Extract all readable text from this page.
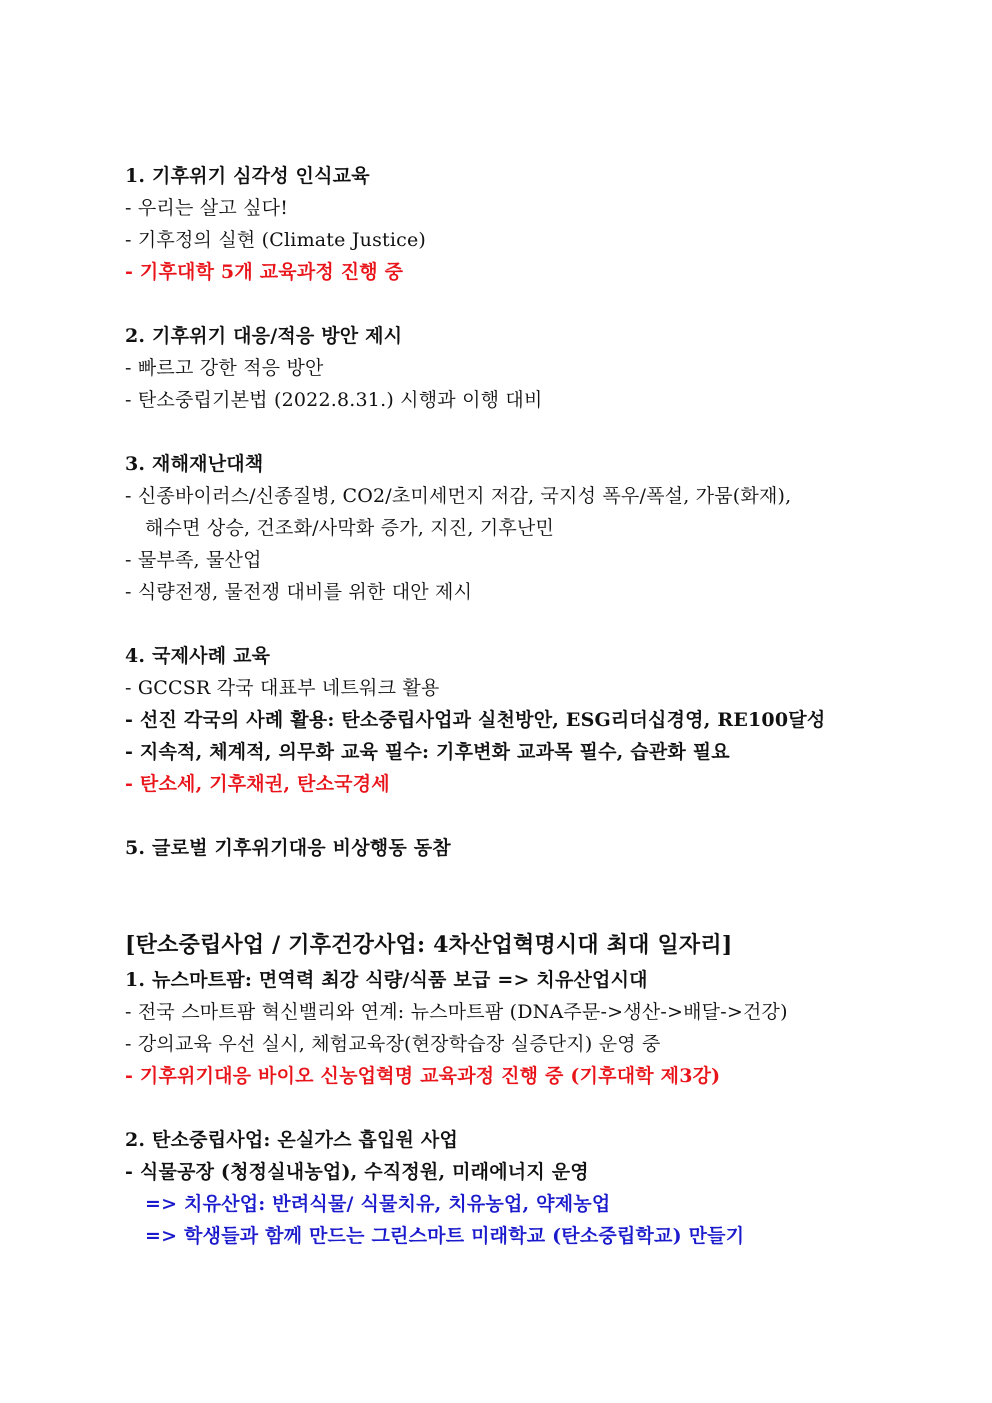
1. 기후위기 심각성 인식교육
- 우리는 살고 싶다!
- 기후정의 실현 (Climate Justice)
- 기후대학 5개 교육과정 진행 중
2. 기후위기 대응/적응 방안 제시
- 빠르고 강한 적응 방안
- 탄소중립기본법 (2022.8.31.) 시행과 이행 대비
3. 재해재난대책
- 신종바이러스/신종질병, CO2/초미세먼지 저감, 국지성 폭우/폭설, 가뭄(화재),
해수면 상승, 건조화/사막화 증가, 지진, 기후난민
- 물부족, 물산업
- 식량전쟁, 물전쟁 대비를 위한 대안 제시
4. 국제사례 교육
- GCCSR 각국 대표부 네트워크 활용
- 선진 각국의 사례 활용: 탄소중립사업과 실천방안, ESG리더십경영, RE100달성
- 지속적, 체계적, 의무화 교육 필수: 기후변화 교과목 필수, 습관화 필요
- 탄소세, 기후채권, 탄소국경세
5. 글로벌 기후위기대응 비상행동 동참
[탄소중립사업 / 기후건강사업: 4차산업혁명시대 최대 일자리]
1. 뉴스마트팜: 면역력 최강 식량/식품 보급 => 치유산업시대
- 전국 스마트팜 혁신밸리와 연계: 뉴스마트팜 (DNA주문->생산->배달->건강)
- 강의교육 우선 실시, 체험교육장(현장학습장 실증단지) 운영 중
- 기후위기대응 바이오 신농업혁명 교육과정 진행 중 (기후대학 제3강)
2. 탄소중립사업: 온실가스 흡입원 사업
- 식물공장 (청정실내농업), 수직정원, 미래에너지 운영
=> 치유산업: 반려식물/ 식물치유, 치유농업, 약제농업
=> 학생들과 함께 만드는 그린스마트 미래학교 (탄소중립학교) 만들기
